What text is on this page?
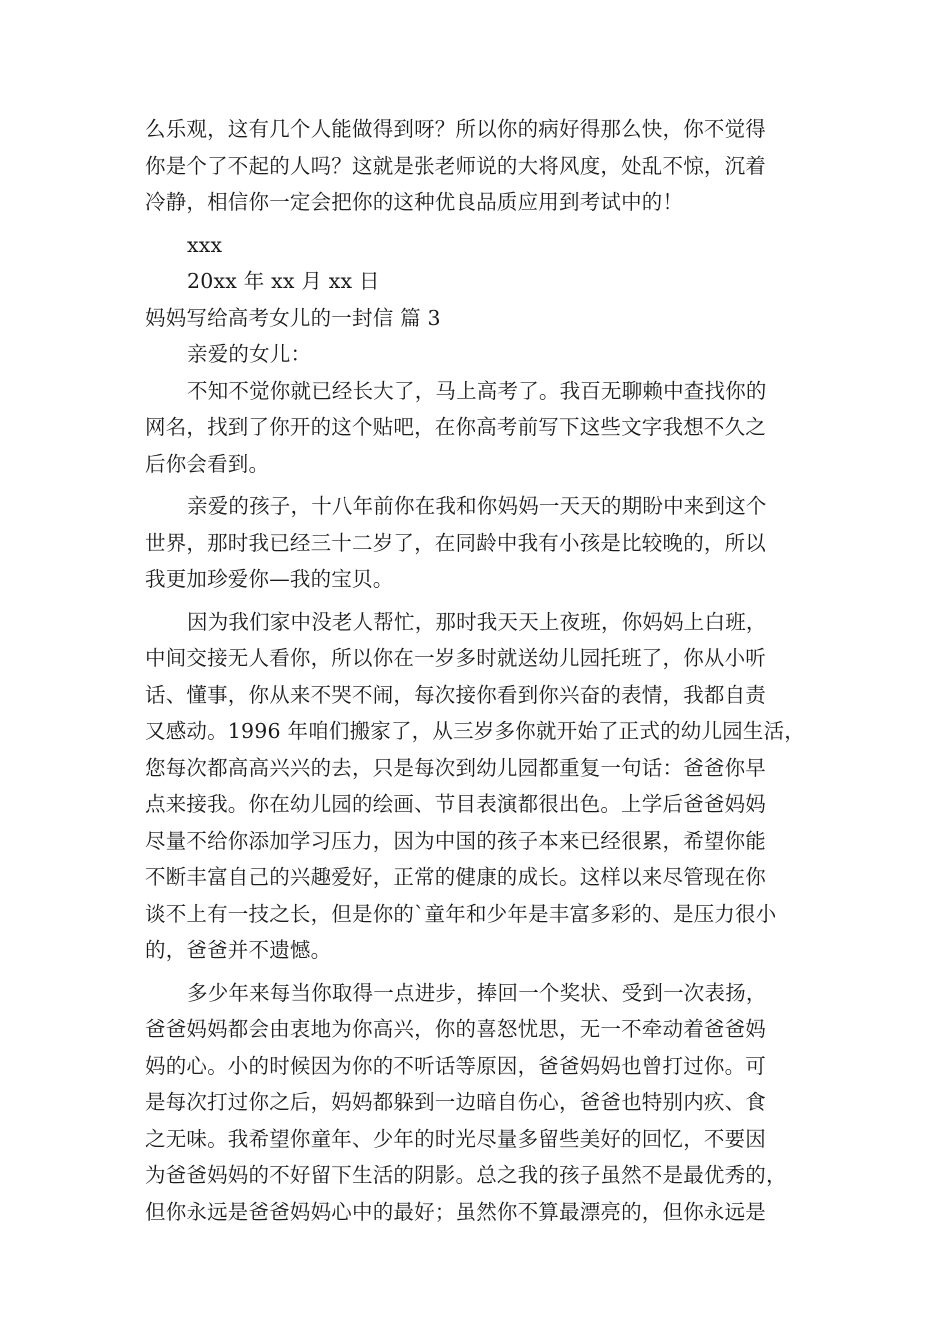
么乐观，这有几个人能做得到呀？所以你的病好得那么快，你不觉得
你是个了不起的人吗？这就是张老师说的大将风度，处乱不惊，沉着
冷静，相信你一定会把你的这种优良品质应用到考试中的！
xxx
20xx 年 xx 月 xx 日
妈妈写给高考女儿的一封信 篇 3
亲爱的女儿：
不知不觉你就已经长大了，马上高考了。我百无聊赖中查找你的
网名，找到了你开的这个贴吧，在你高考前写下这些文字我想不久之
后你会看到。
亲爱的孩子，十八年前你在我和你妈妈一天天的期盼中来到这个
世界，那时我已经三十二岁了，在同龄中我有小孩是比较晚的，所以
我更加珍爱你—我的宝贝。
因为我们家中没老人帮忙，那时我天天上夜班，你妈妈上白班，
中间交接无人看你，所以你在一岁多时就送幼儿园托班了，你从小听
话、懂事，你从来不哭不闹，每次接你看到你兴奋的表情，我都自责
又感动。1996 年咱们搬家了，从三岁多你就开始了正式的幼儿园生活，
您每次都高高兴兴的去，只是每次到幼儿园都重复一句话：爸爸你早
点来接我。你在幼儿园的绘画、节目表演都很出色。上学后爸爸妈妈
尽量不给你添加学习压力，因为中国的孩子本来已经很累，希望你能
不断丰富自己的兴趣爱好，正常的健康的成长。这样以来尽管现在你
谈不上有一技之长，但是你的`童年和少年是丰富多彩的、是压力很小
的，爸爸并不遗憾。
多少年来每当你取得一点进步，捧回一个奖状、受到一次表扬，
爸爸妈妈都会由衷地为你高兴，你的喜怒忧思，无一不牵动着爸爸妈
妈的心。小的时候因为你的不听话等原因，爸爸妈妈也曾打过你。可
是每次打过你之后，妈妈都躲到一边暗自伤心，爸爸也特别内疚、食
之无味。我希望你童年、少年的时光尽量多留些美好的回忆，不要因
为爸爸妈妈的不好留下生活的阴影。总之我的孩子虽然不是最优秀的，
但你永远是爸爸妈妈心中的最好；虽然你不算最漂亮的，但你永远是
